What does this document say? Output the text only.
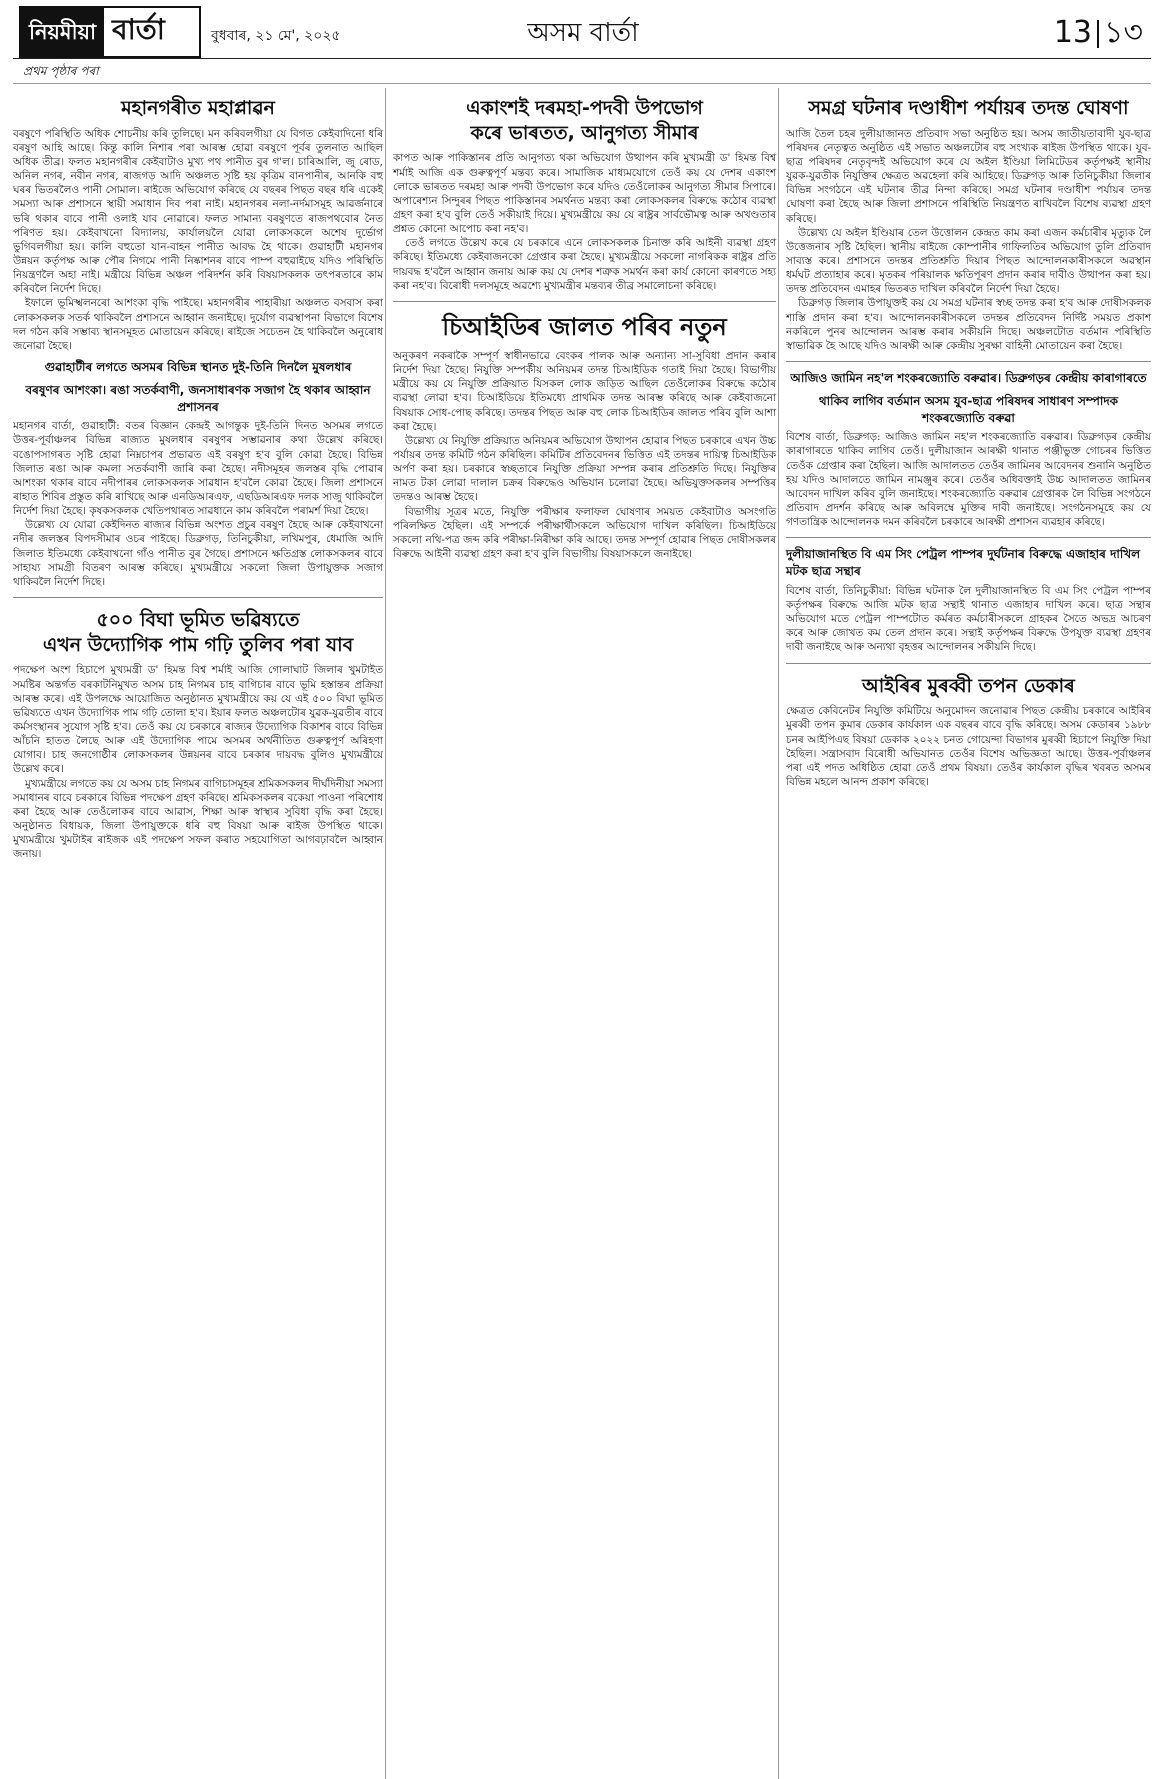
নিয়মীয়া বাৰ্তা	বুধবাৰ, ২১ মে', ২০২৫	অসম বাৰ্তা	13 ১৩
প্ৰথম পৃষ্ঠাৰ পৰা
মহানগৰীত মহাপ্লাৱন

বৰষুণে পৰিস্থিতি অধিক শোচনীয় কৰি তুলিছে। মন কৰিবলগীয়া যে বিগত কেইবাদিনো ধৰি বৰষুণ আহি আছে। কিন্তু কালি নিশাৰ পৰা আৰম্ভ হোৱা বৰষুণে পূৰ্বৰ তুলনাত আছিল অধিক তীব্ৰ। ফলত মহানগৰীৰ কেইবাটাও মুখ্য পথ পানীত বুৰ গ'ল। চাৰিআলি, জু ৰোড, অনিল নগৰ, নবীন নগৰ, ৰাজগড় আদি অঞ্চলত সৃষ্টি হয় কৃত্ৰিম বানপানীৰ, আনকি বহু ঘৰৰ ভিতৰলৈও পানী সোমাল। ৰাইজে অভিযোগ কৰিছে যে বছৰৰ পিছত বছৰ ধৰি একেই সমস্যা আৰু প্ৰশাসনে স্থায়ী সমাধান দিব পৰা নাই। মহানগৰৰ নলা-নৰ্দমাসমূহ আৱৰ্জনাৰে ভৰি থকাৰ বাবে পানী ওলাই যাব নোৱাৰে। ফলত সামান্য বৰষুণতে ৰাজপথবোৰ নৈত পৰিণত হয়। কেইবাখনো বিদ্যালয়, কাৰ্যালয়লৈ যোৱা লোকসকলে অশেষ দুৰ্ভোগ ভুগিবলগীয়া হয়। কালি বহুতো যান-বাহন পানীত আবদ্ধ হৈ থাকে। গুৱাহাটী মহানগৰ উন্নয়ন কৰ্তৃপক্ষ আৰু পৌৰ নিগমে পানী নিষ্কাশনৰ বাবে পাম্প বহুৱাইছে যদিও পৰিস্থিতি নিয়ন্ত্ৰণলৈ অহা নাই। মন্ত্ৰীয়ে বিভিন্ন অঞ্চল পৰিদৰ্শন কৰি বিষয়াসকলক তৎপৰতাৰে কাম কৰিবলৈ নিৰ্দেশ দিছে।

ইফালে ভূমিস্খলনৰো আশংকা বৃদ্ধি পাইছে। মহানগৰীৰ পাহাৰীয়া অঞ্চলত বসবাস কৰা লোকসকলক সতৰ্ক থাকিবলৈ প্ৰশাসনে আহ্বান জনাইছে। দুৰ্যোগ ব্যৱস্থাপনা বিভাগে বিশেষ দল গঠন কৰি সম্ভাব্য স্থানসমূহত মোতায়েন কৰিছে। ৰাইজে সচেতন হৈ থাকিবলৈ অনুৰোধ জনোৱা হৈছে।

গুৱাহাটীৰ লগতে অসমৰ বিভিন্ন স্থানত দুই-তিনি দিনলৈ মুষলধাৰ
বৰষুণৰ আশংকা। ৰঙা সতৰ্কবাণী, জনসাধাৰণক সজাগ হৈ থকাৰ আহ্বান প্ৰশাসনৰ

মহানগৰ বাৰ্তা, গুৱাহাটী: বতৰ বিজ্ঞান কেন্দ্ৰই আগন্তুক দুই-তিনি দিনত অসমৰ লগতে উত্তৰ-পূৰ্বাঞ্চলৰ বিভিন্ন ৰাজ্যত মুষলধাৰ বৰষুণৰ সম্ভাৱনাৰ কথা উল্লেখ কৰিছে। বঙোপসাগৰত সৃষ্টি হোৱা নিম্নচাপৰ প্ৰভাৱত এই বৰষুণ হ'ব বুলি কোৱা হৈছে। বিভিন্ন জিলাত ৰঙা আৰু কমলা সতৰ্কবাণী জাৰি কৰা হৈছে। নদীসমূহৰ জলস্তৰ বৃদ্ধি পোৱাৰ আশংকা থকাৰ বাবে নদীপাৰৰ লোকসকলক সাৱধান হ'বলৈ কোৱা হৈছে। জিলা প্ৰশাসনে ৰাহাত শিবিৰ প্ৰস্তুত কৰি ৰাখিছে আৰু এনডিআৰএফ, এছডিআৰএফ দলক সাজু থাকিবলৈ নিৰ্দেশ দিয়া হৈছে। কৃষকসকলক খেতিপথাৰত সাৱধানে কাম কৰিবলৈ পৰামৰ্শ দিয়া হৈছে।

উল্লেখ্য যে যোৱা কেইদিনত ৰাজ্যৰ বিভিন্ন অংশত প্ৰচুৰ বৰষুণ হৈছে আৰু কেইবাখনো নদীৰ জলস্তৰ বিপদসীমাৰ ওচৰ পাইছে। ডিব্ৰুগড়, তিনিচুকীয়া, লখিমপুৰ, ধেমাজি আদি জিলাত ইতিমধ্যে কেইবাখনো গাঁও পানীত বুৰ গৈছে। প্ৰশাসনে ক্ষতিগ্ৰস্ত লোকসকলৰ বাবে সাহায্য সামগ্ৰী বিতৰণ আৰম্ভ কৰিছে। মুখ্যমন্ত্ৰীয়ে সকলো জিলা উপায়ুক্তক সজাগ থাকিবলৈ নিৰ্দেশ দিছে।

৫০০ বিঘা ভূমিত ভৱিষ্যতে
এখন উদ্যোগিক পাম গঢ়ি তুলিব পৰা যাব

পদক্ষেপ অংশ হিচাপে মুখ্যমন্ত্ৰী ড' হিমন্ত বিশ্ব শৰ্মাই আজি গোলাঘাট জিলাৰ খুমটাইত সমষ্টিৰ অন্তৰ্গত বৰকাটনিমুখত অসম চাহ নিগমৰ চাহ বাগিচাৰ বাবে ভূমি হস্তান্তৰ প্ৰক্ৰিয়া আৰম্ভ কৰে। এই উপলক্ষে আয়োজিত অনুষ্ঠানত মুখ্যমন্ত্ৰীয়ে কয় যে এই ৫০০ বিঘা ভূমিত ভৱিষ্যতে এখন উদ্যোগিক পাম গঢ়ি তোলা হ'ব। ইয়াৰ ফলত অঞ্চলটোৰ যুৱক-যুৱতীৰ বাবে কৰ্মসংস্থানৰ সুযোগ সৃষ্টি হ'ব। তেওঁ কয় যে চৰকাৰে ৰাজ্যৰ উদ্যোগিক বিকাশৰ বাবে বিভিন্ন আঁচনি হাতত লৈছে আৰু এই উদ্যোগিক পামে অসমৰ অৰ্থনীতিত গুৰুত্বপূৰ্ণ অৰিহণা যোগাব। চাহ জনগোষ্ঠীৰ লোকসকলৰ উন্নয়নৰ বাবে চৰকাৰ দায়বদ্ধ বুলিও মুখ্যমন্ত্ৰীয়ে উল্লেখ কৰে।

মুখ্যমন্ত্ৰীয়ে লগতে কয় যে অসম চাহ নিগমৰ বাগিচাসমূহৰ শ্ৰমিকসকলৰ দীৰ্ঘদিনীয়া সমস্যা সমাধানৰ বাবে চৰকাৰে বিভিন্ন পদক্ষেপ গ্ৰহণ কৰিছে। শ্ৰমিকসকলৰ বকেয়া পাওনা পৰিশোধ কৰা হৈছে আৰু তেওঁলোকৰ বাবে আৱাস, শিক্ষা আৰু স্বাস্থ্যৰ সুবিধা বৃদ্ধি কৰা হৈছে। অনুষ্ঠানত বিধায়ক, জিলা উপায়ুক্তকে ধৰি বহু বিষয়া আৰু ৰাইজ উপস্থিত থাকে। মুখ্যমন্ত্ৰীয়ে খুমটাইৰ ৰাইজক এই পদক্ষেপ সফল কৰাত সহযোগিতা আগবঢ়াবলৈ আহ্বান জনায়।

একাংশই দৰমহা-পদবী উপভোগ
কৰে ভাৰতত, আনুগত্য সীমাৰ

কাপত আৰু পাকিস্তানৰ প্ৰতি আনুগত্য থকা অভিযোগ উত্থাপন কৰি মুখ্যমন্ত্ৰী ড' হিমন্ত বিশ্ব শৰ্মাই আজি এক গুৰুত্বপূৰ্ণ মন্তব্য কৰে। সামাজিক মাধ্যমযোগে তেওঁ কয় যে দেশৰ একাংশ লোকে ভাৰতত দৰমহা আৰু পদবী উপভোগ কৰে যদিও তেওঁলোকৰ আনুগত্য সীমাৰ সিপাৰে। অপাৰেশ্যন সিন্দুৰৰ পিছত পাকিস্তানৰ সমৰ্থনত মন্তব্য কৰা লোকসকলৰ বিৰুদ্ধে কঠোৰ ব্যৱস্থা গ্ৰহণ কৰা হ'ব বুলি তেওঁ সকীয়াই দিয়ে। মুখ্যমন্ত্ৰীয়ে কয় যে ৰাষ্ট্ৰৰ সাৰ্বভৌমত্ব আৰু অখণ্ডতাৰ প্ৰশ্নত কোনো আপোচ কৰা নহ'ব।

তেওঁ লগতে উল্লেখ কৰে যে চৰকাৰে এনে লোকসকলক চিনাক্ত কৰি আইনী ব্যৱস্থা গ্ৰহণ কৰিছে। ইতিমধ্যে কেইবাজনকো গ্ৰেপ্তাৰ কৰা হৈছে। মুখ্যমন্ত্ৰীয়ে সকলো নাগৰিকক ৰাষ্ট্ৰৰ প্ৰতি দায়বদ্ধ হ'বলৈ আহ্বান জনায় আৰু কয় যে দেশৰ শত্ৰুক সমৰ্থন কৰা কাৰ্য কোনো কাৰণতে সহ্য কৰা নহ'ব। বিৰোধী দলসমূহে অৱশ্যে মুখ্যমন্ত্ৰীৰ মন্তব্যৰ তীব্ৰ সমালোচনা কৰিছে।

চিআইডিৰ জালত পৰিব নতুন

অনুকৰণ নকৰাকৈ সম্পূৰ্ণ স্বাধীনভাৱে বেংকৰ পালক আৰু অন্যান্য সা-সুবিধা প্ৰদান কৰাৰ নিৰ্দেশ দিয়া হৈছে। নিযুক্তি সম্পৰ্কীয় অনিয়মৰ তদন্ত চিআইডিক গতাই দিয়া হৈছে। বিভাগীয় মন্ত্ৰীয়ে কয় যে নিযুক্তি প্ৰক্ৰিয়াত যিসকল লোক জড়িত আছিল তেওঁলোকৰ বিৰুদ্ধে কঠোৰ ব্যৱস্থা লোৱা হ'ব। চিআইডিয়ে ইতিমধ্যে প্ৰাথমিক তদন্ত আৰম্ভ কৰিছে আৰু কেইবাজনো বিষয়াক সোধ-পোছ কৰিছে। তদন্তৰ পিছত আৰু বহু লোক চিআইডিৰ জালত পৰিব বুলি আশা কৰা হৈছে।

উল্লেখ্য যে নিযুক্তি প্ৰক্ৰিয়াত অনিয়মৰ অভিযোগ উত্থাপন হোৱাৰ পিছত চৰকাৰে এখন উচ্চ পৰ্যায়ৰ তদন্ত কমিটি গঠন কৰিছিল। কমিটিৰ প্ৰতিবেদনৰ ভিত্তিত এই তদন্তৰ দায়িত্ব চিআইডিক অৰ্পণ কৰা হয়। চৰকাৰে স্বচ্ছতাৰে নিযুক্তি প্ৰক্ৰিয়া সম্পন্ন কৰাৰ প্ৰতিশ্ৰুতি দিছে। নিযুক্তিৰ নামত টকা লোৱা দালাল চক্ৰৰ বিৰুদ্ধেও অভিযান চলোৱা হৈছে। অভিযুক্তসকলৰ সম্পত্তিৰ তদন্তও আৰম্ভ হৈছে।

বিভাগীয় সূত্ৰৰ মতে, নিযুক্তি পৰীক্ষাৰ ফলাফল ঘোষণাৰ সময়ত কেইবাটাও অসংগতি পৰিলক্ষিত হৈছিল। এই সম্পৰ্কে পৰীক্ষাৰ্থীসকলে অভিযোগ দাখিল কৰিছিল। চিআইডিয়ে সকলো নথি-পত্ৰ জব্দ কৰি পৰীক্ষা-নিৰীক্ষা কৰি আছে। তদন্ত সম্পূৰ্ণ হোৱাৰ পিছত দোষীসকলৰ বিৰুদ্ধে আইনী ব্যৱস্থা গ্ৰহণ কৰা হ'ব বুলি বিভাগীয় বিষয়াসকলে জনাইছে।

সমগ্ৰ ঘটনাৰ দণ্ডাধীশ পৰ্যায়ৰ তদন্ত ঘোষণা

আজি তৈল চহৰ দুলীয়াজানত প্ৰতিবাদ সভা অনুষ্ঠিত হয়। অসম জাতীয়তাবাদী যুব-ছাত্ৰ পৰিষদৰ নেতৃত্বত অনুষ্ঠিত এই সভাত অঞ্চলটোৰ বহু সংখ্যক ৰাইজ উপস্থিত থাকে। যুব-ছাত্ৰ পৰিষদৰ নেতৃবৃন্দই অভিযোগ কৰে যে অইল ইণ্ডিয়া লিমিটেডৰ কৰ্তৃপক্ষই স্থানীয় যুৱক-যুৱতীক নিযুক্তিৰ ক্ষেত্ৰত অৱহেলা কৰি আহিছে। ডিব্ৰুগড় আৰু তিনিচুকীয়া জিলাৰ বিভিন্ন সংগঠনে এই ঘটনাৰ তীব্ৰ নিন্দা কৰিছে। সমগ্ৰ ঘটনাৰ দণ্ডাধীশ পৰ্যায়ৰ তদন্ত ঘোষণা কৰা হৈছে আৰু জিলা প্ৰশাসনে পৰিস্থিতি নিয়ন্ত্ৰণত ৰাখিবলৈ বিশেষ ব্যৱস্থা গ্ৰহণ কৰিছে।

উল্লেখ্য যে অইল ইণ্ডিয়াৰ তেল উত্তোলন কেন্দ্ৰত কাম কৰা এজন কৰ্মচাৰীৰ মৃত্যুক লৈ উত্তেজনাৰ সৃষ্টি হৈছিল। স্থানীয় ৰাইজে কোম্পানীৰ গাফিলতিৰ অভিযোগ তুলি প্ৰতিবাদ সাব্যস্ত কৰে। প্ৰশাসনে তদন্তৰ প্ৰতিশ্ৰুতি দিয়াৰ পিছত আন্দোলনকাৰীসকলে অৱস্থান ধৰ্মঘট প্ৰত্যাহাৰ কৰে। মৃতকৰ পৰিয়ালক ক্ষতিপূৰণ প্ৰদান কৰাৰ দাবীও উত্থাপন কৰা হয়। তদন্ত প্ৰতিবেদন এমাহৰ ভিতৰত দাখিল কৰিবলৈ নিৰ্দেশ দিয়া হৈছে।

ডিব্ৰুগড় জিলাৰ উপায়ুক্তই কয় যে সমগ্ৰ ঘটনাৰ স্বচ্ছ তদন্ত কৰা হ'ব আৰু দোষীসকলক শাস্তি প্ৰদান কৰা হ'ব। আন্দোলনকাৰীসকলে তদন্তৰ প্ৰতিবেদন নিৰ্দিষ্ট সময়ত প্ৰকাশ নকৰিলে পুনৰ আন্দোলন আৰম্ভ কৰাৰ সকীয়নি দিছে। অঞ্চলটোত বৰ্তমান পৰিস্থিতি স্বাভাৱিক হৈ আছে যদিও আৰক্ষী আৰু কেন্দ্ৰীয় সুৰক্ষা বাহিনী মোতায়েন কৰা হৈছে।

আজিও জামিন নহ'ল শংকৰজ্যোতি বৰুৱাৰ। ডিব্ৰুগড়ৰ কেন্দ্ৰীয় কাৰাগাৰতে
থাকিব লাগিব বৰ্তমান অসম যুব-ছাত্ৰ পৰিষদৰ সাধাৰণ সম্পাদক শংকৰজ্যোতি বৰুৱা

বিশেষ বাৰ্তা, ডিব্ৰুগড়: আজিও জামিন নহ'ল শংকৰজ্যোতি বৰুৱাৰ। ডিব্ৰুগড়ৰ কেন্দ্ৰীয় কাৰাগাৰতে থাকিব লাগিব তেওঁ। দুলীয়াজান আৰক্ষী থানাত পঞ্জীভুক্ত গোচৰৰ ভিত্তিত তেওঁক গ্ৰেপ্তাৰ কৰা হৈছিল। আজি আদালতত তেওঁৰ জামিনৰ আবেদনৰ শুনানি অনুষ্ঠিত হয় যদিও আদালতে জামিন নামঞ্জুৰ কৰে। তেওঁৰ অধিবক্তাই উচ্চ আদালতত জামিনৰ আবেদন দাখিল কৰিব বুলি জনাইছে। শংকৰজ্যোতি বৰুৱাৰ গ্ৰেপ্তাৰক লৈ বিভিন্ন সংগঠনে প্ৰতিবাদ প্ৰদৰ্শন কৰিছে আৰু অবিলম্বে মুক্তিৰ দাবী জনাইছে। সংগঠনসমূহে কয় যে গণতান্ত্ৰিক আন্দোলনক দমন কৰিবলৈ চৰকাৰে আৰক্ষী প্ৰশাসন ব্যৱহাৰ কৰিছে।

দুলীয়াজানস্থিত বি এম সিং পেট্ৰল পাম্পৰ দুৰ্ঘটনাৰ বিৰুদ্ধে এজাহাৰ দাখিল মটক ছাত্ৰ সন্থাৰ

বিশেষ বাৰ্তা, তিনিচুকীয়া: বিভিন্ন ঘটনাক লৈ দুলীয়াজানস্থিত বি এম সিং পেট্ৰল পাম্পৰ কৰ্তৃপক্ষৰ বিৰুদ্ধে আজি মটক ছাত্ৰ সন্থাই থানাত এজাহাৰ দাখিল কৰে। ছাত্ৰ সন্থাৰ অভিযোগ মতে পেট্ৰল পাম্পটোত কৰ্মৰত কৰ্মচাৰীসকলে গ্ৰাহকৰ সৈতে অভদ্ৰ আচৰণ কৰে আৰু জোখত কম তেল প্ৰদান কৰে। সন্থাই কৰ্তৃপক্ষৰ বিৰুদ্ধে উপযুক্ত ব্যৱস্থা গ্ৰহণৰ দাবী জনাইছে আৰু অন্যথা বৃহত্তৰ আন্দোলনৰ সকীয়নি দিছে।

আইৰিৰ মুৰব্বী তপন ডেকাৰ

ক্ষেত্ৰত কেবিনেটৰ নিযুক্তি কমিটিয়ে অনুমোদন জনোৱাৰ পিছত কেন্দ্ৰীয় চৰকাৰে আইৰিৰ মুৰব্বী তপন কুমাৰ ডেকাৰ কাৰ্যকাল এক বছৰৰ বাবে বৃদ্ধি কৰিছে। অসম কেডাৰৰ ১৯৮৮ চনৰ আইপিএছ বিষয়া ডেকাক ২০২২ চনত গোয়েন্দা বিভাগৰ মুৰব্বী হিচাপে নিযুক্তি দিয়া হৈছিল। সন্ত্ৰাসবাদ বিৰোধী অভিযানত তেওঁৰ বিশেষ অভিজ্ঞতা আছে। উত্তৰ-পূৰ্বাঞ্চলৰ পৰা এই পদত অধিষ্ঠিত হোৱা তেওঁ প্ৰথম বিষয়া। তেওঁৰ কাৰ্যকাল বৃদ্ধিৰ খবৰত অসমৰ বিভিন্ন মহলে আনন্দ প্ৰকাশ কৰিছে।
